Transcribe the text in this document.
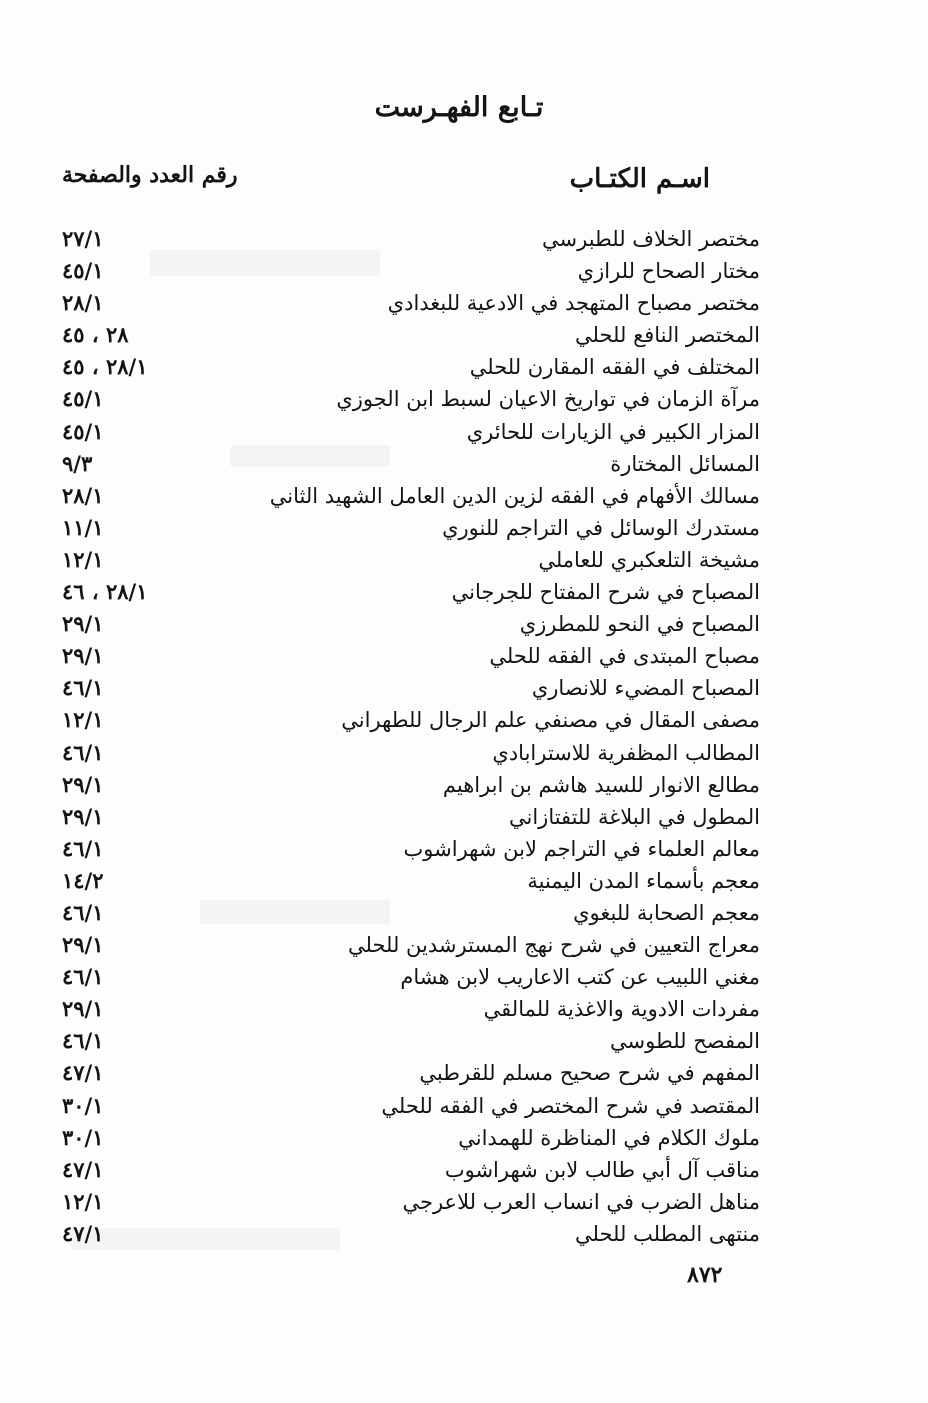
تـابع الفهـرست
اسـم الكتـاب
رقم العدد والصفحة
مختصر الخلاف للطبرسي
٢٧/١
مختار الصحاح للرازي
٤٥/١
مختصر مصباح المتهجد في الادعية للبغدادي
٢٨/١
المختصر النافع للحلي
٢٨ ، ٤٥
المختلف في الفقه المقارن للحلي
٢٨/١ ، ٤٥
مرآة الزمان في تواريخ الاعيان لسبط ابن الجوزي
٤٥/١
المزار الكبير في الزيارات للحائري
٤٥/١
المسائل المختارة
٩/٣
مسالك الأفهام في الفقه لزين الدين العامل الشهيد الثاني
٢٨/١
مستدرك الوسائل في التراجم للنوري
١١/١
مشيخة التلعكبري للعاملي
١٢/١
المصباح في شرح المفتاح للجرجاني
٢٨/١ ، ٤٦
المصباح في النحو للمطرزي
٢٩/١
مصباح المبتدى في الفقه للحلي
٢٩/١
المصباح المضيء للانصاري
٤٦/١
مصفى المقال في مصنفي علم الرجال للطهراني
١٢/١
المطالب المظفرية للاسترابادي
٤٦/١
مطالع الانوار للسيد هاشم بن ابراهيم
٢٩/١
المطول في البلاغة للتفتازاني
٢٩/١
معالم العلماء في التراجم لابن شهراشوب
٤٦/١
معجم بأسماء المدن اليمنية
١٤/٢
معجم الصحابة للبغوي
٤٦/١
معراج التعيين في شرح نهج المسترشدين للحلي
٢٩/١
مغني اللبيب عن كتب الاعاريب لابن هشام
٤٦/١
مفردات الادوية والاغذية للمالقي
٢٩/١
المفصح للطوسي
٤٦/١
المفهم في شرح صحيح مسلم للقرطبي
٤٧/١
المقتصد في شرح المختصر في الفقه للحلي
٣٠/١
ملوك الكلام في المناظرة للهمداني
٣٠/١
مناقب آل أبي طالب لابن شهراشوب
٤٧/١
مناهل الضرب في انساب العرب للاعرجي
١٢/١
منتهى المطلب للحلي
٤٧/١
٨٧٢
